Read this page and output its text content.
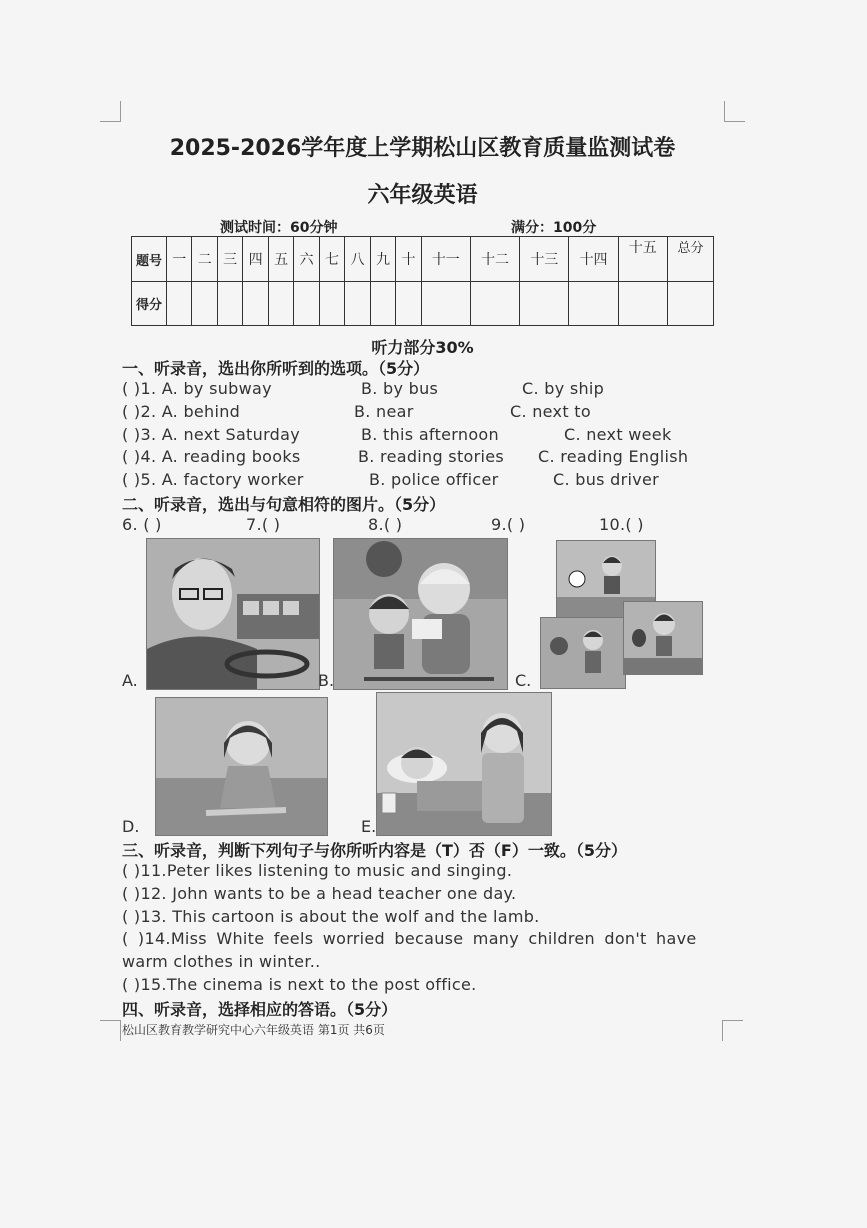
2025-2026学年度上学期松山区教育质量监测试卷
六年级英语
测试时间：60分钟	满分：100分
题号	一	二	三	四	五	六	七	八	九	十	十一	十二	十三	十四	十五	总分
得分																
听力部分30%
一、听录音，选出你所听到的选项。（5分）
( )1. A. by subway	B. by bus	C. by ship
( )2. A. behind	B. near	C. next to
( )3. A. next Saturday	B. this afternoon	C. next week
( )4. A. reading books	B. reading stories C. reading English
( )5. A. factory worker	B. police officer	C. bus driver
二、听录音，选出与句意相符的图片。（5分）
6. ( )	7.( )	8.( )	9.( )	10.( )
A.	B.	C.
D.	E.
三、听录音，判断下列句子与你所听内容是（T）否（F）一致。（5分）
( )11.Peter likes listening to music and singing.
( )12. John wants to be a head teacher one day.
( )13. This cartoon is about the wolf and the lamb.
( )14.Miss White feels worried because many children don't have
warm clothes in winter..
( )15.The cinema is next to the post office.
四、听录音，选择相应的答语。（5分）
松山区教育教学研究中心六年级英语 第1页 共6页
